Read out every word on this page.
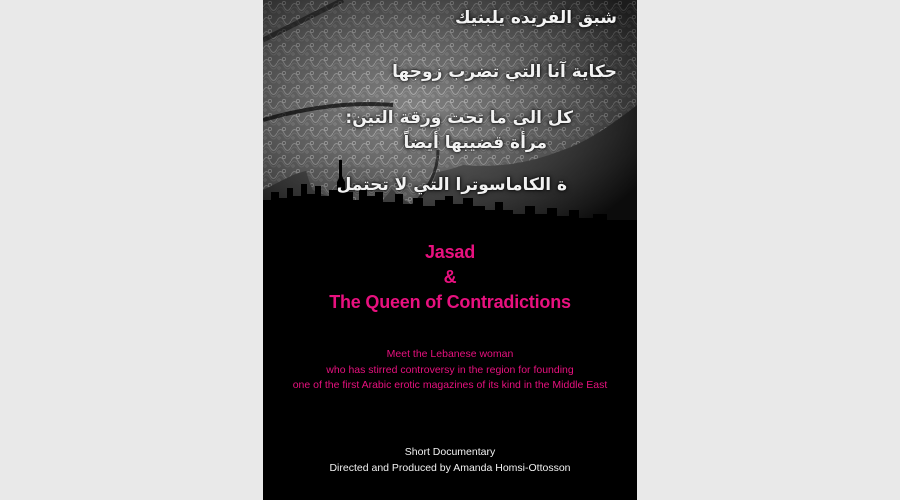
شبق الفريده يلبنيك
حكاية آنا التي تضرب زوجها
كل الى ما تحت ورقة التين:
مرأة قضيبها أيضاً
ة الكاماسوترا التي لا تحتمل
Jasad
&
The Queen of Contradictions
Meet the Lebanese woman
who has stirred controversy in the region for founding
one of the first Arabic erotic magazines of its kind in the Middle East
Short Documentary
Directed and Produced by Amanda Homsi-Ottosson
